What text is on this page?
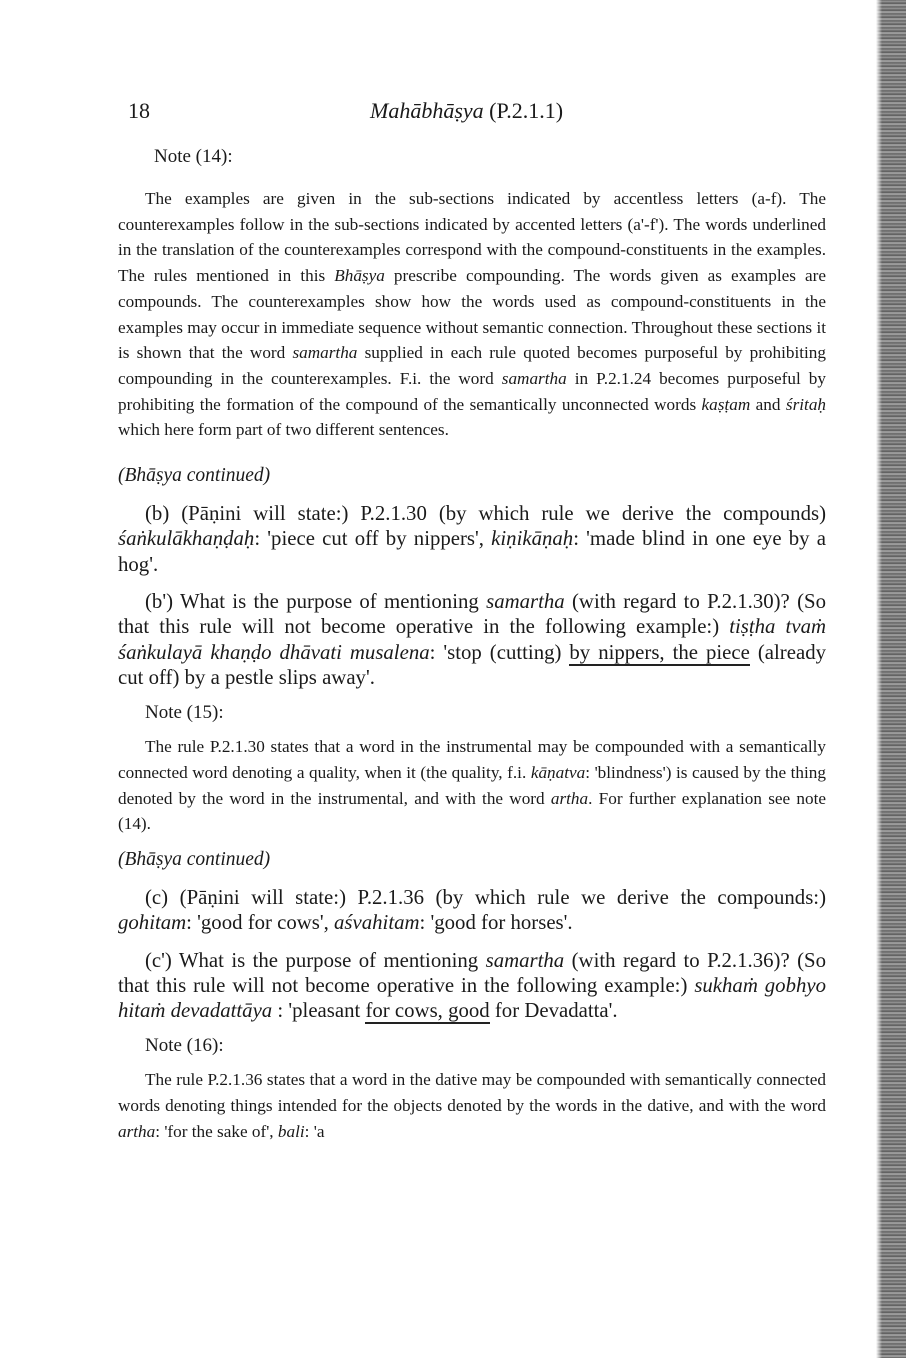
18	Mahābhāṣya (P.2.1.1)

Note (14):

The examples are given in the sub-sections indicated by accentless letters (a-f). The counterexamples follow in the sub-sections indicated by accented letters (a'-f'). The words underlined in the translation of the counterexamples correspond with the compound-constituents in the examples. The rules mentioned in this Bhāṣya prescribe compounding. The words given as examples are compounds. The counterexamples show how the words used as compound-constituents in the examples may occur in immediate sequence without semantic connection. Throughout these sections it is shown that the word samartha supplied in each rule quoted becomes purposeful by prohibiting compounding in the counterexamples. F.i. the word samartha in P.2.1.24 becomes purposeful by prohibiting the formation of the compound of the semantically unconnected words kaṣṭam and śritaḥ which here form part of two different sentences.

(Bhāṣya continued)

(b) (Pāṇini will state:) P.2.1.30 (by which rule we derive the compounds) śaṅkulākhaṇḍaḥ: 'piece cut off by nippers', kiṇikāṇaḥ: 'made blind in one eye by a hog'.

(b') What is the purpose of mentioning samartha (with regard to P.2.1.30)? (So that this rule will not become operative in the following example:) tiṣṭha tvaṁ śaṅkulayā khaṇḍo dhāvati musalena: 'stop (cutting) by nippers, the piece (already cut off) by a pestle slips away'.

Note (15):

The rule P.2.1.30 states that a word in the instrumental may be compounded with a semantically connected word denoting a quality, when it (the quality, f.i. kāṇatva: 'blindness') is caused by the thing denoted by the word in the instrumental, and with the word artha. For further explanation see note (14).

(Bhāṣya continued)

(c) (Pāṇini will state:) P.2.1.36 (by which rule we derive the compounds:) gohitam: 'good for cows', aśvahitam: 'good for horses'.

(c') What is the purpose of mentioning samartha (with regard to P.2.1.36)? (So that this rule will not become operative in the following example:) sukhaṁ gobhyo hitaṁ devadattāya : 'pleasant for cows, good for Devadatta'.

Note (16):

The rule P.2.1.36 states that a word in the dative may be compounded with semantically connected words denoting things intended for the objects denoted by the words in the dative, and with the word artha: 'for the sake of', bali: 'a
